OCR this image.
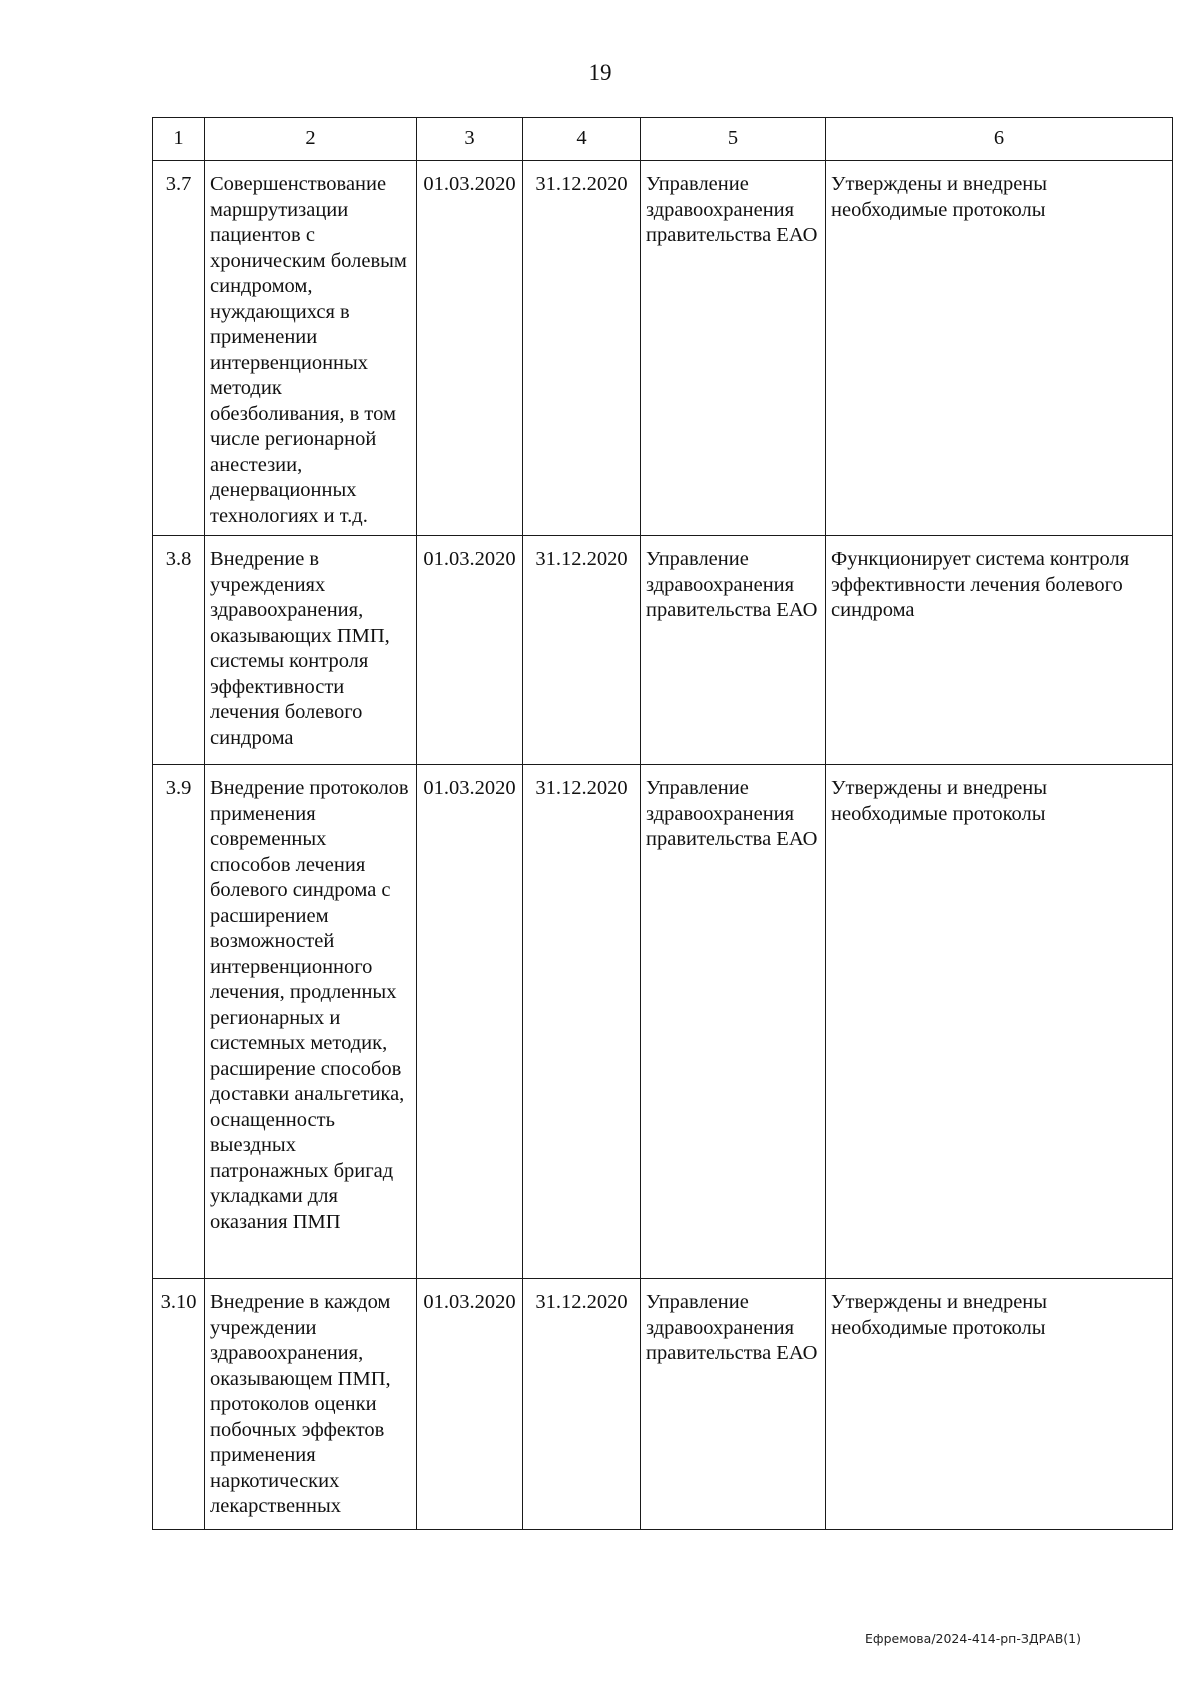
19
1	2	3	4	5	6
3.7	Совершенствование маршрутизации пациентов с хроническим болевым синдромом, нуждающихся в применении интервенционных методик обезболивания, в том числе регионарной анестезии, денервационных технологиях и т.д.	01.03.2020	31.12.2020	Управление здравоохранения правительства ЕАО	Утверждены и внедрены необходимые протоколы
3.8	Внедрение в учреждениях здравоохранения, оказывающих ПМП, системы контроля эффективности лечения болевого синдрома	01.03.2020	31.12.2020	Управление здравоохранения правительства ЕАО	Функционирует система контроля эффективности лечения болевого синдрома
3.9	Внедрение протоколов применения современных способов лечения болевого синдрома с расширением возможностей интервенционного лечения, продленных регионарных и системных методик, расширение способов доставки анальгетика, оснащенность выездных патронажных бригад укладками для оказания ПМП	01.03.2020	31.12.2020	Управление здравоохранения правительства ЕАО	Утверждены и внедрены необходимые протоколы
3.10	Внедрение в каждом учреждении здравоохранения, оказывающем ПМП, протоколов оценки побочных эффектов применения наркотических лекарственных	01.03.2020	31.12.2020	Управление здравоохранения правительства ЕАО	Утверждены и внедрены необходимые протоколы
Ефремова/2024-414-рп-ЗДРАВ(1)
